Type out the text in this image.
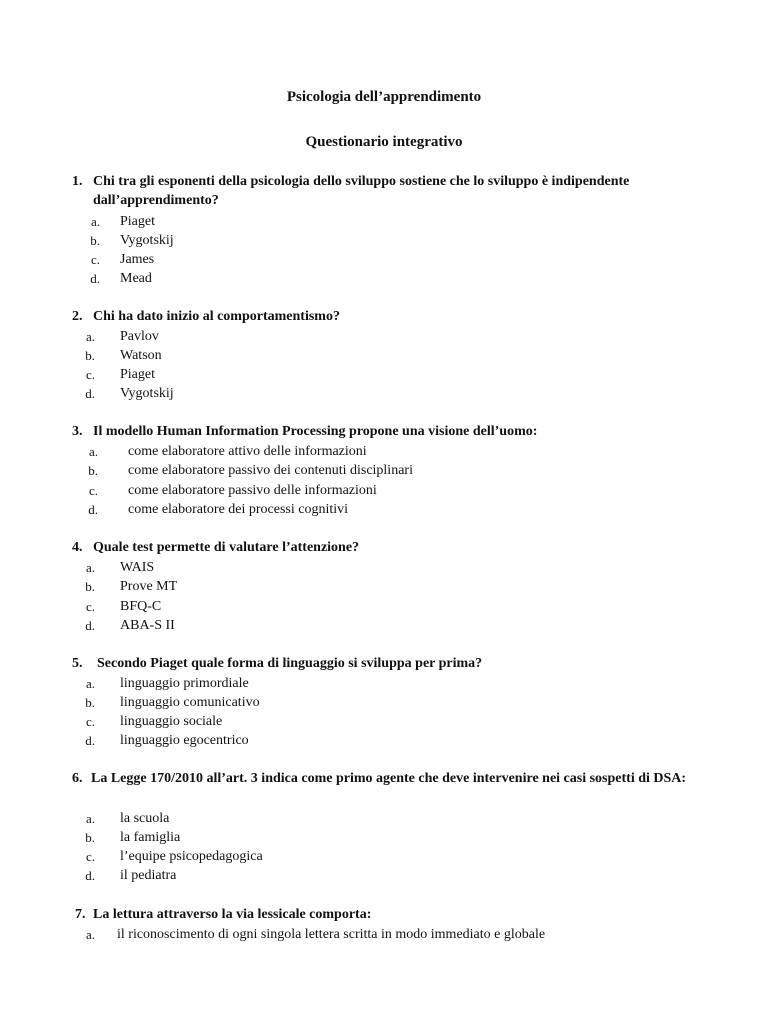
Psicologia dell’apprendimento
Questionario integrativo
1. Chi tra gli esponenti della psicologia dello sviluppo sostiene che lo sviluppo è indipendente dall’apprendimento?

a. Piaget
b. Vygotskij
c. James
d. Mead
2. Chi ha dato inizio al comportamentismo?

a. Pavlov
b. Watson
c. Piaget
d. Vygotskij
3. Il modello Human Information Processing propone una visione dell’uomo:

a. come elaboratore attivo delle informazioni
b. come elaboratore passivo dei contenuti disciplinari
c. come elaboratore passivo delle informazioni
d. come elaboratore dei processi cognitivi
4. Quale test permette di valutare l’attenzione?

a. WAIS
b. Prove MT
c. BFQ-C
d. ABA-S II
5. Secondo Piaget quale forma di linguaggio si sviluppa per prima?

a. linguaggio primordiale
b. linguaggio comunicativo
c. linguaggio sociale
d. linguaggio egocentrico
6. La Legge 170/2010 all’art. 3 indica come primo agente che deve intervenire nei casi sospetti di DSA:

a. la scuola
b. la famiglia
c. l’equipe psicopedagogica
d. il pediatra
7. La lettura attraverso la via lessicale comporta:

a. il riconoscimento di ogni singola lettera scritta in modo immediato e globale
